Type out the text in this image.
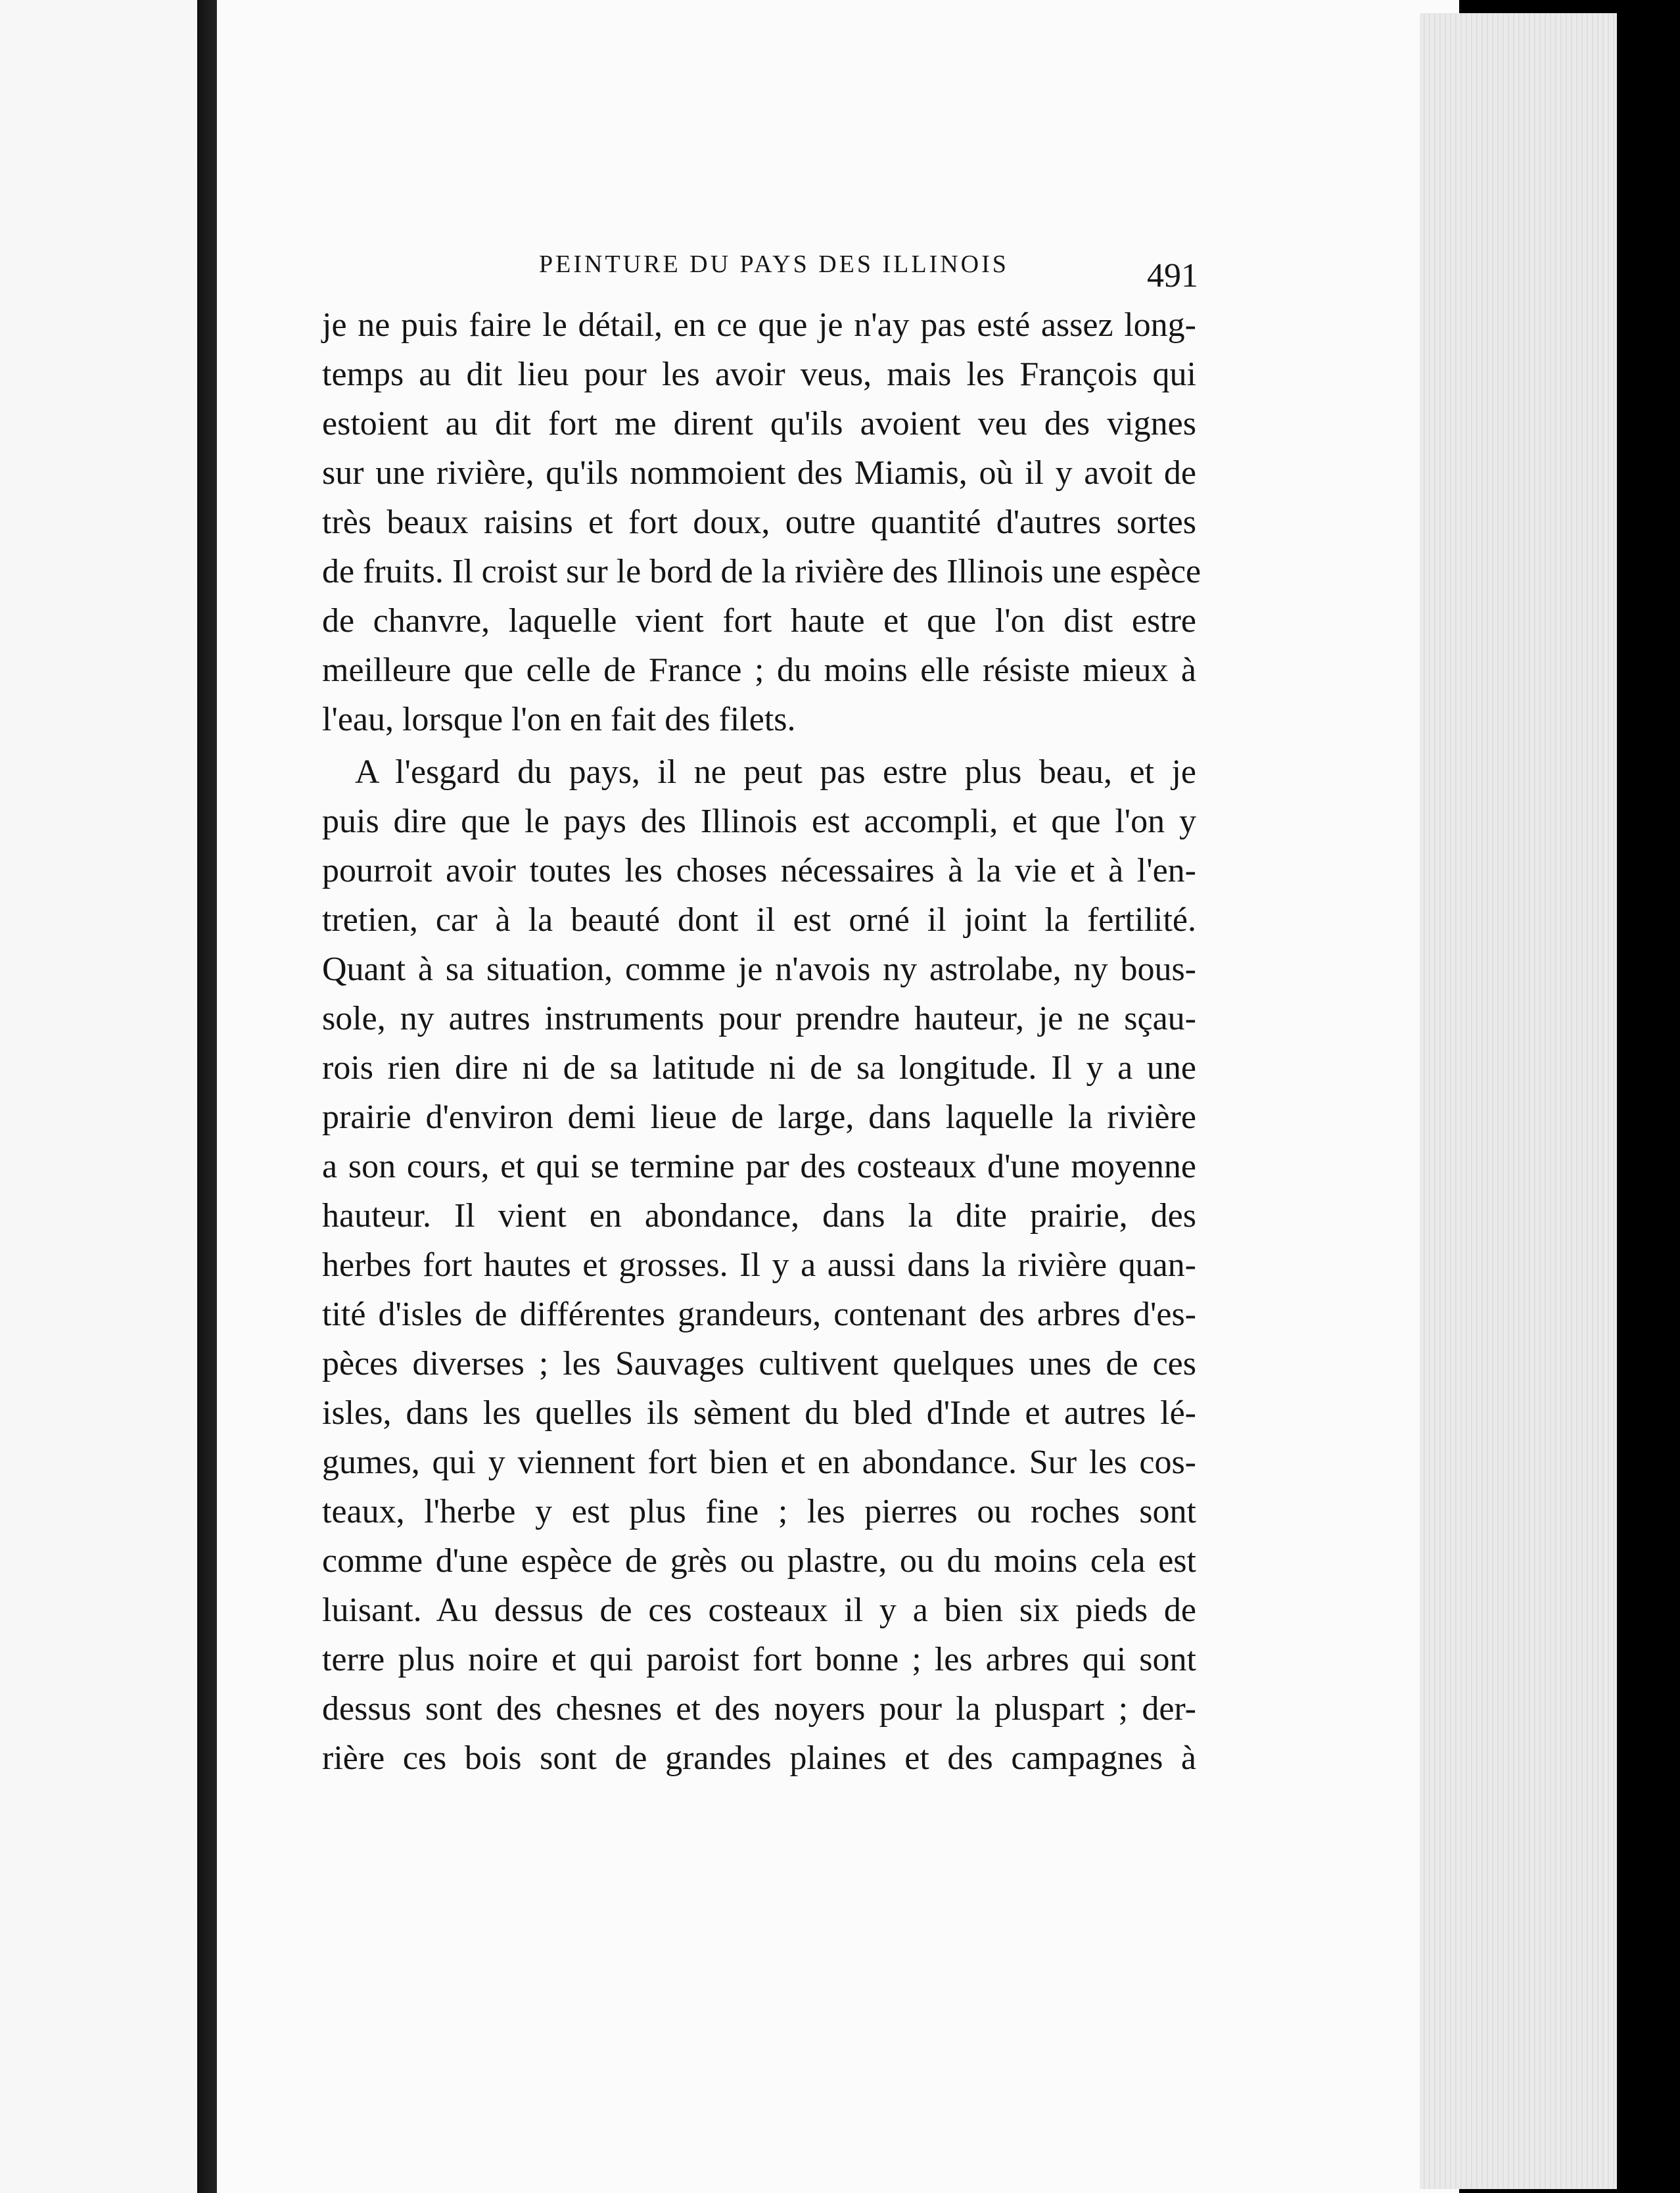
PEINTURE DU PAYS DES ILLINOIS	491
je ne puis faire le détail, en ce que je n'ay pas esté assez long-
temps au dit lieu pour les avoir veus, mais les François qui
estoient au dit fort me dirent qu'ils avoient veu des vignes
sur une rivière, qu'ils nommoient des Miamis, où il y avoit de
très beaux raisins et fort doux, outre quantité d'autres sortes
de fruits. Il croist sur le bord de la rivière des Illinois une espèce
de chanvre, laquelle vient fort haute et que l'on dist estre
meilleure que celle de France ; du moins elle résiste mieux à
l'eau, lorsque l'on en fait des filets.
A l'esgard du pays, il ne peut pas estre plus beau, et je
puis dire que le pays des Illinois est accompli, et que l'on y
pourroit avoir toutes les choses nécessaires à la vie et à l'en-
tretien, car à la beauté dont il est orné il joint la fertilité.
Quant à sa situation, comme je n'avois ny astrolabe, ny bous-
sole, ny autres instruments pour prendre hauteur, je ne sçau-
rois rien dire ni de sa latitude ni de sa longitude. Il y a une
prairie d'environ demi lieue de large, dans laquelle la rivière
a son cours, et qui se termine par des costeaux d'une moyenne
hauteur. Il vient en abondance, dans la dite prairie, des
herbes fort hautes et grosses. Il y a aussi dans la rivière quan-
tité d'isles de différentes grandeurs, contenant des arbres d'es-
pèces diverses ; les Sauvages cultivent quelques unes de ces
isles, dans les quelles ils sèment du bled d'Inde et autres lé-
gumes, qui y viennent fort bien et en abondance. Sur les cos-
teaux, l'herbe y est plus fine ; les pierres ou roches sont
comme d'une espèce de grès ou plastre, ou du moins cela est
luisant. Au dessus de ces costeaux il y a bien six pieds de
terre plus noire et qui paroist fort bonne ; les arbres qui sont
dessus sont des chesnes et des noyers pour la pluspart ; der-
rière ces bois sont de grandes plaines et des campagnes à
